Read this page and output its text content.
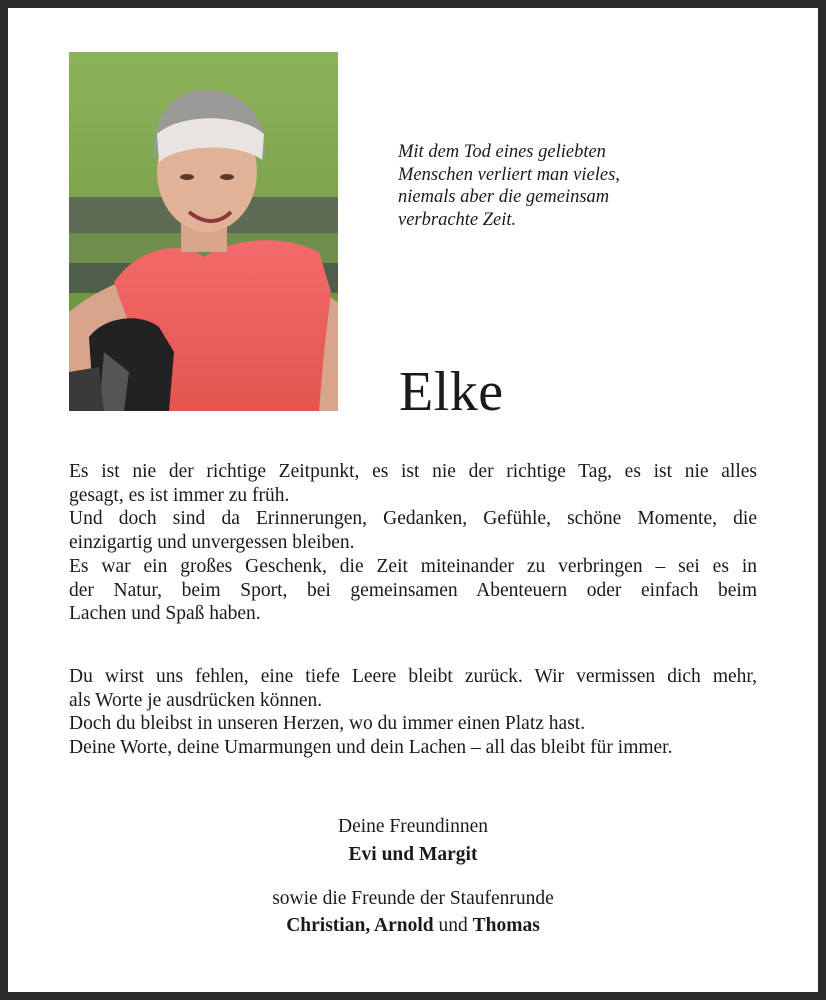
Mit dem Tod eines geliebten
Menschen verliert man vieles,
niemals aber die gemeinsam
verbrachte Zeit.
Elke
Es ist nie der richtige Zeitpunkt, es ist nie der richtige Tag, es ist nie alles
gesagt, es ist immer zu früh.
Und doch sind da Erinnerungen, Gedanken, Gefühle, schöne Momente, die
einzigartig und unvergessen bleiben.
Es war ein großes Geschenk, die Zeit miteinander zu verbringen – sei es in
der Natur, beim Sport, bei gemeinsamen Abenteuern oder einfach beim
Lachen und Spaß haben.
Du wirst uns fehlen, eine tiefe Leere bleibt zurück. Wir vermissen dich mehr,
als Worte je ausdrücken können.
Doch du bleibst in unseren Herzen, wo du immer einen Platz hast.
Deine Worte, deine Umarmungen und dein Lachen – all das bleibt für immer.
Deine Freundinnen
Evi und Margit
sowie die Freunde der Staufenrunde
Christian, Arnold und Thomas
